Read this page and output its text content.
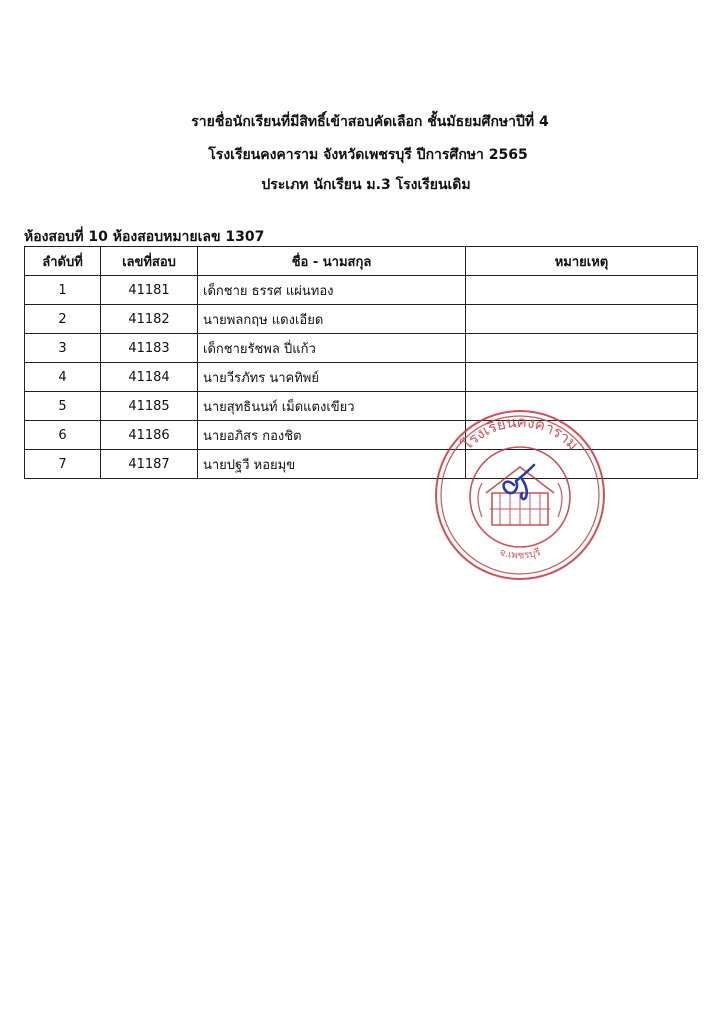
รายชื่อนักเรียนที่มีสิทธิ์เข้าสอบคัดเลือก ชั้นมัธยมศึกษาปีที่ 4
โรงเรียนคงคาราม จังหวัดเพชรบุรี ปีการศึกษา 2565
ประเภท นักเรียน ม.3 โรงเรียนเดิม
ห้องสอบที่ 10 ห้องสอบหมายเลข 1307
ลำดับที่	เลขที่สอบ	ชื่อ - นามสกุล	หมายเหตุ
1	41181	เด็กชาย ธรรศ แผ่นทอง	
2	41182	นายพลกฤษ แดงเอียด	
3	41183	เด็กชายรัชพล ปี่แก้ว	
4	41184	นายวีรภัทร นาคทิพย์	
5	41185	นายสุทธินนท์ เม็ดแตงเขียว	
6	41186	นายอภิสร กองชิต	
7	41187	นายปฐวี หอยมุข	
โรงเรียนคงคาราม
จ.เพชรบุรี
